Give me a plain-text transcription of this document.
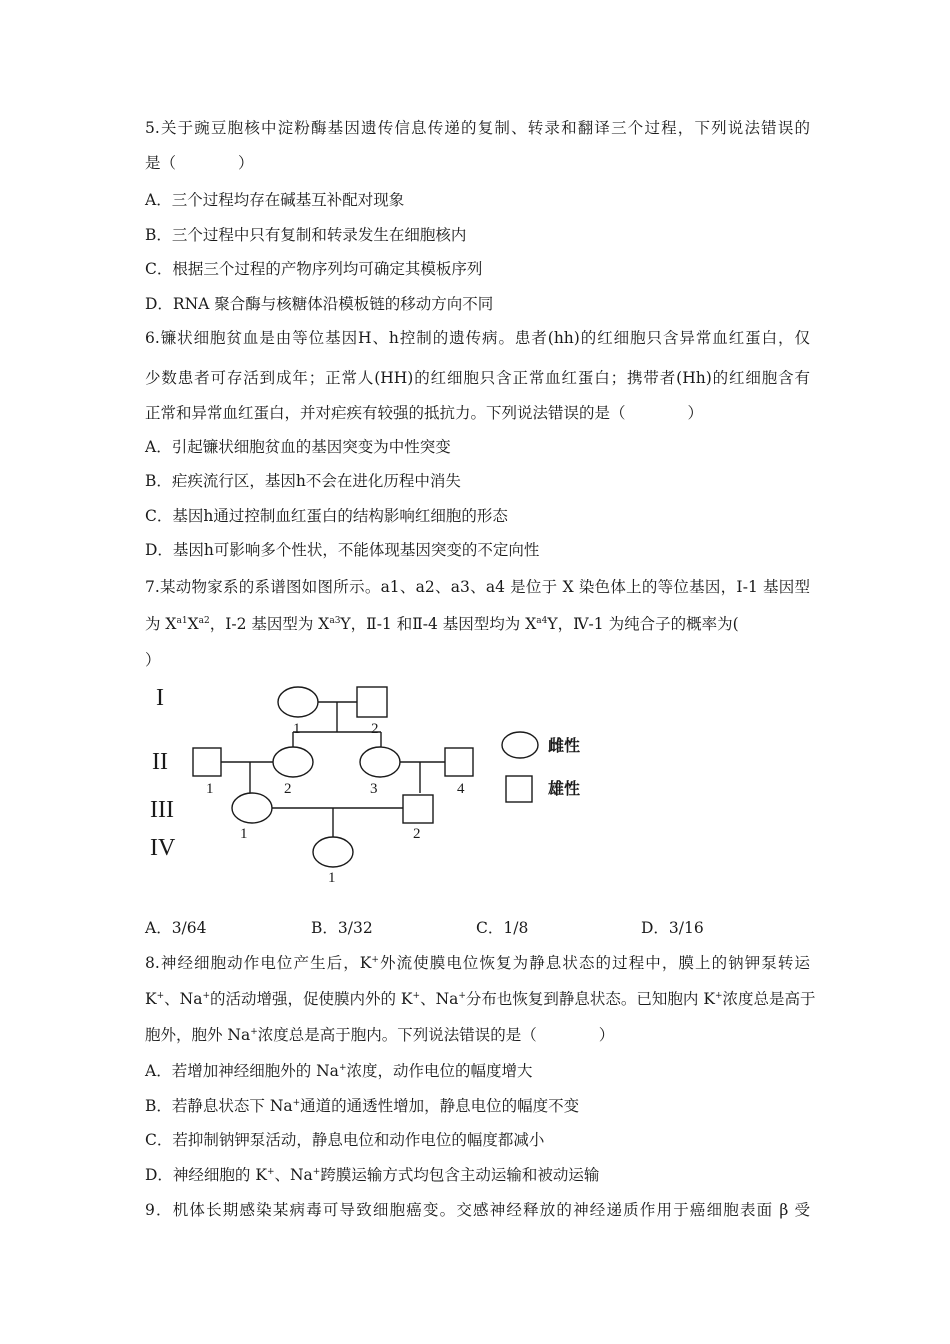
5.关于豌豆胞核中淀粉酶基因遗传信息传递的复制、转录和翻译三个过程，下列说法错误的
是（　　　　）
A．三个过程均存在碱基互补配对现象
B．三个过程中只有复制和转录发生在细胞核内
C．根据三个过程的产物序列均可确定其模板序列
D．RNA 聚合酶与核糖体沿模板链的移动方向不同
6.镰状细胞贫血是由等位基因H、h控制的遗传病。患者(hh)的红细胞只含异常血红蛋白，仅
少数患者可存活到成年；正常人(HH)的红细胞只含正常血红蛋白；携带者(Hh)的红细胞含有
正常和异常血红蛋白，并对疟疾有较强的抵抗力。下列说法错误的是（　　　　）
A．引起镰状细胞贫血的基因突变为中性突变
B．疟疾流行区，基因h不会在进化历程中消失
C．基因h通过控制血红蛋白的结构影响红细胞的形态
D．基因h可影响多个性状，不能体现基因突变的不定向性
7.某动物家系的系谱图如图所示。a1、a2、a3、a4 是位于 X 染色体上的等位基因，Ⅰ-1 基因型
为 $X^{a1}X^{a2}$，Ⅰ-2 基因型为 $X^{a3}Y$，Ⅱ-1 和Ⅱ-4 基因型均为 $X^{a4}Y$，Ⅳ-1 为纯合子的概率为(
）
I
II
III
IV
1	2
1	2	3	4
1	2
1
雌性
雄性
A．3/64	B．3/32	C．1/8	D．3/16
8.神经细胞动作电位产生后，K+外流使膜电位恢复为静息状态的过程中，膜上的钠钾泵转运
K+、Na+的活动增强，促使膜内外的 K+、Na+分布也恢复到静息状态。已知胞内 K+浓度总是高于
胞外，胞外 Na+浓度总是高于胞内。下列说法错误的是（　　　　）
A．若增加神经细胞外的 Na+浓度，动作电位的幅度增大
B．若静息状态下 Na+通道的通透性增加，静息电位的幅度不变
C．若抑制钠钾泵活动，静息电位和动作电位的幅度都减小
D．神经细胞的 K+、Na+跨膜运输方式均包含主动运输和被动运输
9．机体长期感染某病毒可导致细胞癌变。交感神经释放的神经递质作用于癌细胞表面 β 受
